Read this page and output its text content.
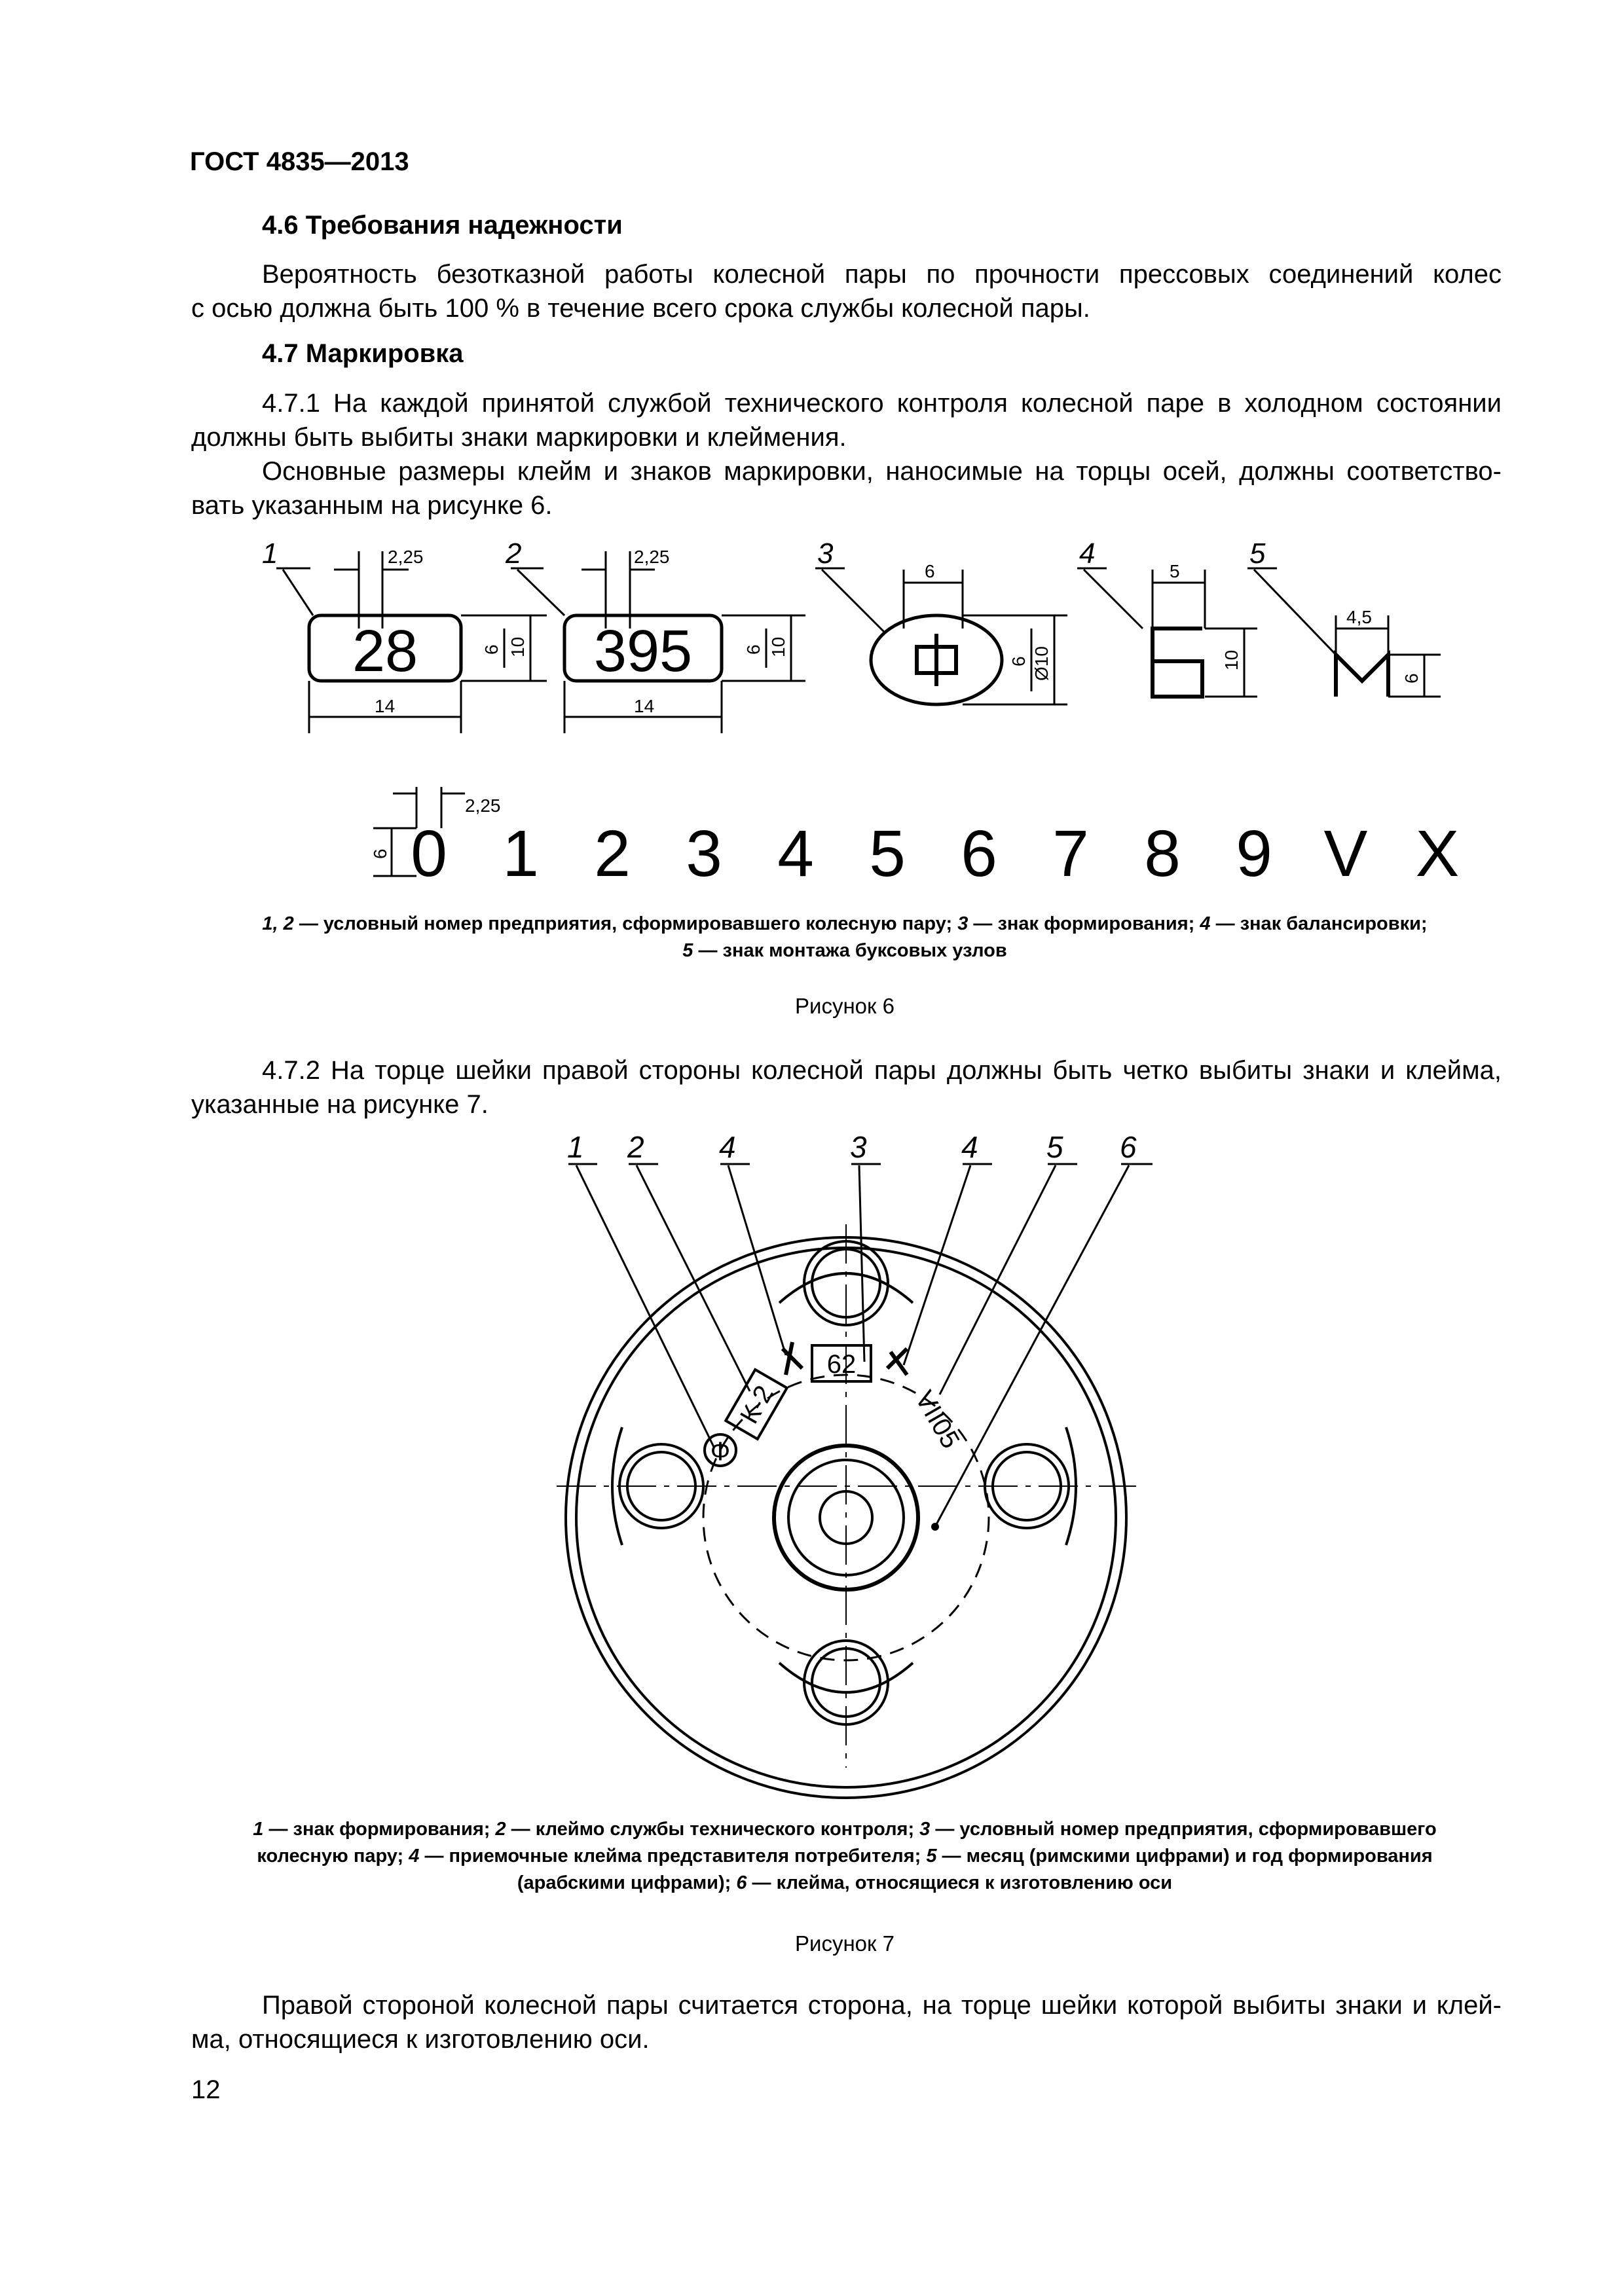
ГОСТ 4835—2013
4.6 Требования надежности
Вероятность безотказной работы колесной пары по прочности прессовых соединений колес
с осью должна быть 100 % в течение всего срока службы колесной пары.
4.7 Маркировка
4.7.1 На каждой принятой службой технического контроля колесной паре в холодном состоянии
должны быть выбиты знаки маркировки и клеймения.
Основные размеры клейм и знаков маркировки, наносимые на торцы осей, должны соответство-
вать указанным на рисунке 6.
1	2	3	4	5
28	395
2,25	2,25
14	14
6	5
4,5
2,25
6 10	6 10
6 Ø10	10
6
6 0 1 2 3 4 5 6 7 8 9 V X
1, 2 — условный номер предприятия, сформировавшего колесную пару; 3 — знак формирования; 4 — знак балансировки;
5 — знак монтажа буксовых узлов
Рисунок 6
4.7.2 На торце шейки правой стороны колесной пары должны быть четко выбиты знаки и клейма,
указанные на рисунке 7.
1 2 4	3	4 5 6
Ф
62
К-2	VII05
1 — знак формирования; 2 — клеймо службы технического контроля; 3 — условный номер предприятия, сформировавшего
колесную пару; 4 — приемочные клейма представителя потребителя; 5 — месяц (римскими цифрами) и год формирования
(арабскими цифрами); 6 — клейма, относящиеся к изготовлению оси
Рисунок 7
Правой стороной колесной пары считается сторона, на торце шейки которой выбиты знаки и клей-
ма, относящиеся к изготовлению оси.
12
